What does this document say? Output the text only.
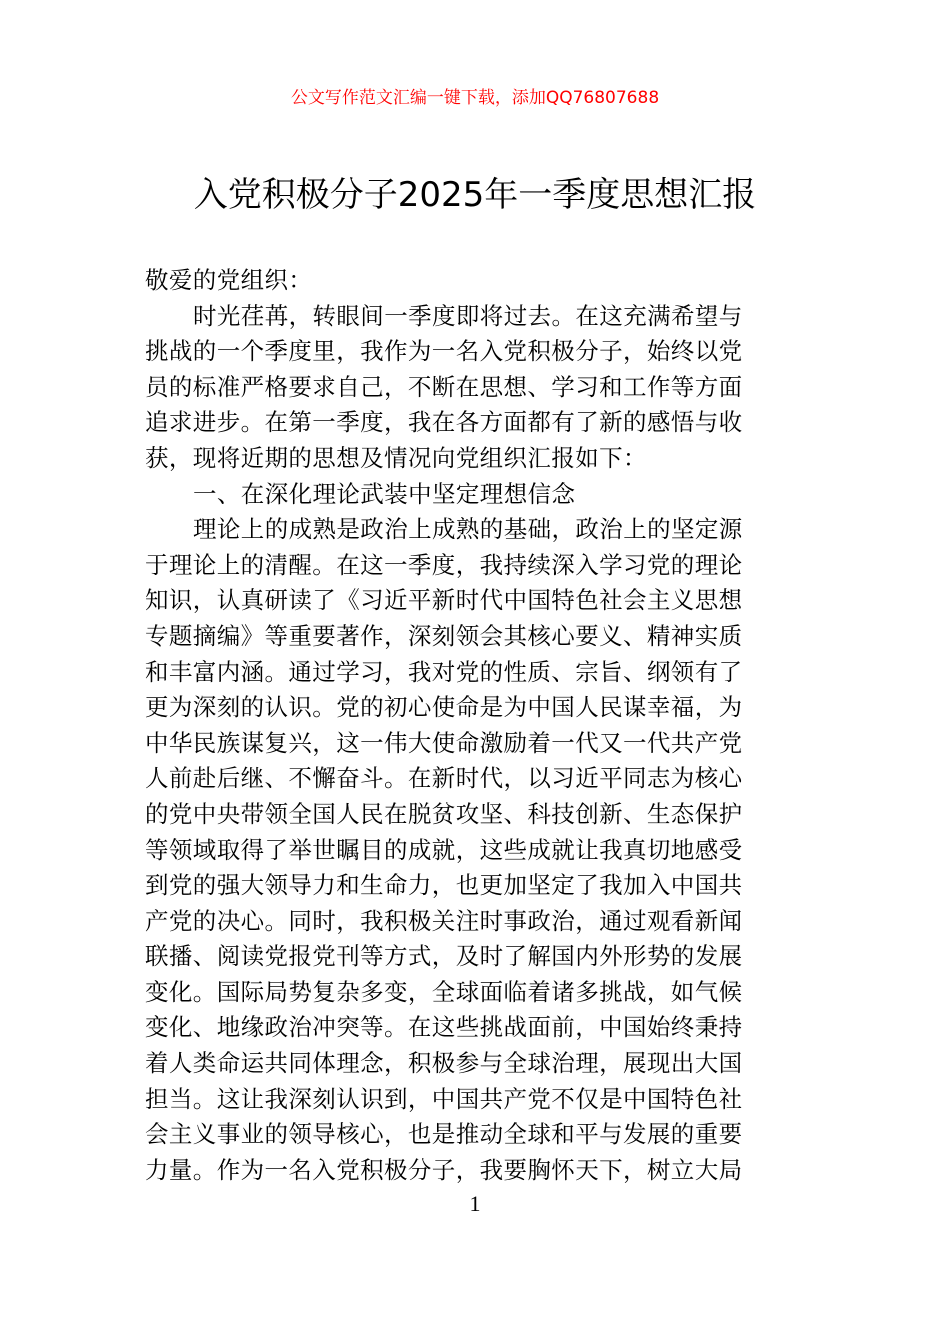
公文写作范文汇编一键下载，添加QQ76807688
入党积极分子2025年一季度思想汇报
敬爱的党组织：
时光荏苒，转眼间一季度即将过去。在这充满希望与
挑战的一个季度里，我作为一名入党积极分子，始终以党
员的标准严格要求自己，不断在思想、学习和工作等方面
追求进步。在第一季度，我在各方面都有了新的感悟与收
获，现将近期的思想及情况向党组织汇报如下：
一、在深化理论武装中坚定理想信念
理论上的成熟是政治上成熟的基础，政治上的坚定源
于理论上的清醒。在这一季度，我持续深入学习党的理论
知识，认真研读了《习近平新时代中国特色社会主义思想
专题摘编》等重要著作，深刻领会其核心要义、精神实质
和丰富内涵。通过学习，我对党的性质、宗旨、纲领有了
更为深刻的认识。党的初心使命是为中国人民谋幸福，为
中华民族谋复兴，这一伟大使命激励着一代又一代共产党
人前赴后继、不懈奋斗。在新时代，以习近平同志为核心
的党中央带领全国人民在脱贫攻坚、科技创新、生态保护
等领域取得了举世瞩目的成就，这些成就让我真切地感受
到党的强大领导力和生命力，也更加坚定了我加入中国共
产党的决心。同时，我积极关注时事政治，通过观看新闻
联播、阅读党报党刊等方式，及时了解国内外形势的发展
变化。国际局势复杂多变，全球面临着诸多挑战，如气候
变化、地缘政治冲突等。在这些挑战面前，中国始终秉持
着人类命运共同体理念，积极参与全球治理，展现出大国
担当。这让我深刻认识到，中国共产党不仅是中国特色社
会主义事业的领导核心，也是推动全球和平与发展的重要
力量。作为一名入党积极分子，我要胸怀天下，树立大局
1
